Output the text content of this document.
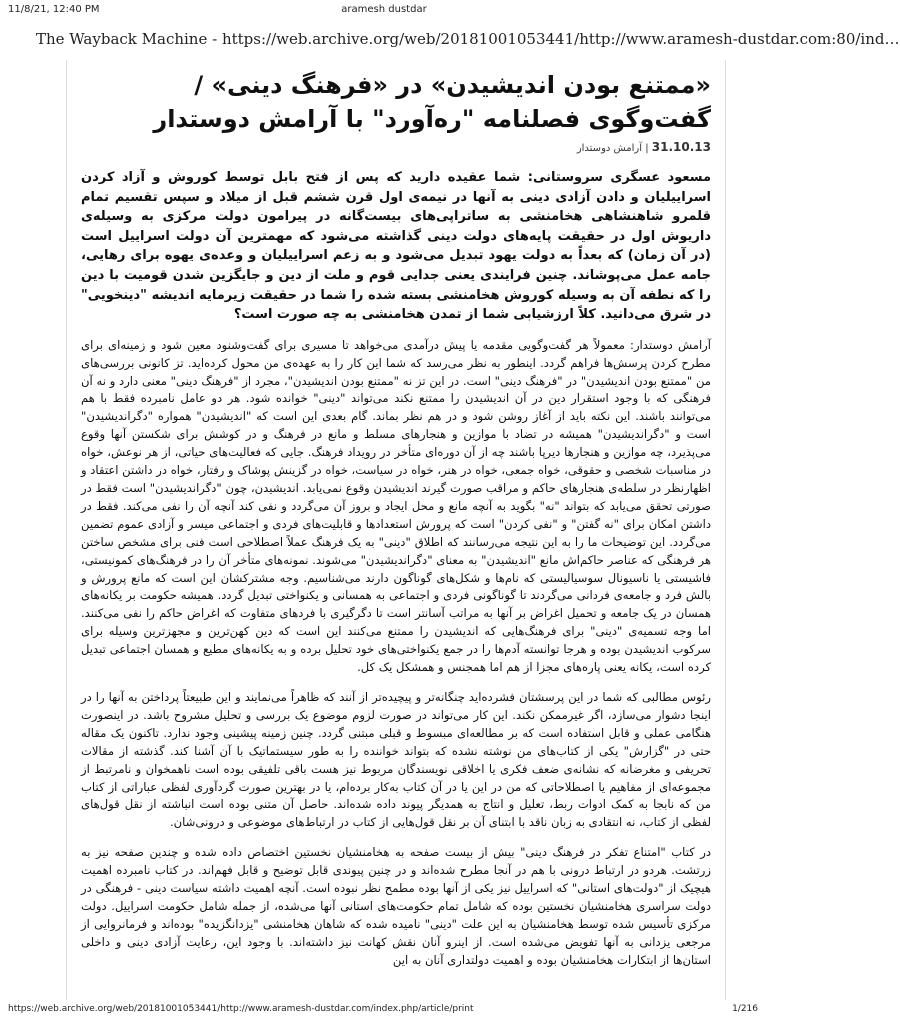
11/8/21, 12:40 PM	aramesh dustdar
The Wayback Machine - https://web.archive.org/web/20181001053441/http://www.aramesh-dustdar.com:80/ind…
«ممتنع بودن اندیشیدن» در «فرهنگ دینی» / گفت‌وگوی فصلنامه "ره‌آورد" با آرامش دوستدار
31.10.13 | آرامش دوستدار
مسعود عسگری سروستانی: شما عقیده دارید که پس از فتح بابل توسط کوروش و آزاد کردن اسراییلیان و دادن آزادی دینی به آنها در نیمه‌ی اول قرن ششم قبل از میلاد و سپس تقسیم تمام قلمرو شاهنشاهی هخامنشی به ساتراپی‌های بیست‌گانه در پیرامون دولت مرکزی به وسیله‌ی داریوش اول در حقیقت پایه‌های دولت دینی گذاشته می‌شود که مهمترین آن دولت اسراییل است (در آن زمان) که بعداً به دولت یهود تبدیل می‌شود و به زعم اسراییلیان و وعده‌ی یهوه برای رهایی، جامه عمل می‌پوشاند. چنین فرایندی یعنی جدایی قوم و ملت از دین و جایگزین شدن قومیت با دین را که نطفه‌ آن به وسیله کوروش هخامنشی بسته شده را شما در حقیقت زیرمایه اندیشه "دینخویی" در شرق می‌دانید. کلاً ارزشیابی شما از تمدن هخامنشی به چه صورت است؟

آرامش دوستدار: معمولاً هر گفت‌وگویی مقدمه یا پیش درآمدی می‌خواهد تا مسیری برای گفت‌وشنود معین شود و زمینه‌ای برای مطرح کردن پرسش‌ها فراهم گردد. اینطور به نظر می‌رسد که شما این کار را به عهده‌ی من محول کرده‌اید. تز کانونی بررسی‌های من "ممتنع بودن اندیشیدن" در "فرهنگ دینی" است. در این تز نه "ممتنع بودن اندیشیدن"، مجرد از "فرهنگ دینی" معنی دارد و نه آن فرهنگی که با وجود استقرار دین در آن اندیشیدن را ممتنع نکند می‌تواند "دینی" خوانده شود. هر دو عامل نامبرده فقط با هم می‌توانند باشند. این نکته باید از آغاز روشن شود و در هم نظر بماند. گام بعدی این است که "اندیشیدن" همواره "دگراندیشیدن" است و "دگراندیشیدن" همیشه در تضاد با موازین و هنجارهای مسلط و مانع در فرهنگ و در کوشش برای شکستن آنها وقوع می‌پذیرد، چه موازین و هنجارها دیرپا باشند چه از آن دوره‌ای متأخر در رویداد فرهنگ. جایی که فعالیت‌های حیاتی، از هر نوعش، خواه در مناسبات شخصی و حقوقی، خواه جمعی، خواه در هنر، خواه در سیاست، خواه در گزینش پوشاک و رفتار، خواه در داشتن اعتقاد و اظهارنظر در سلطه‌ی هنجارهای حاکم و مراقب صورت گیرند اندیشیدن وقوع نمی‌یابد. اندیشیدن، چون "دگراندیشیدن" است فقط در صورتی تحقق می‌یابد که بتواند "نه" بگوید به آنچه مانع و محل ایجاد و بروز آن می‌گردد و نفی کند آنچه آن را نفی می‌کند. فقط در داشتن امکان برای "نه گفتن" و "نفی کردن" است که پرورش استعدادها و قابلیت‌های فردی و اجتماعی میسر و آزادی عموم تضمین می‌گردد. این توضیحات ما را به این نتیجه می‌رسانند که اطلاق "دینی" به یک فرهنگ عملاً اصطلاحی است فنی برای مشخص ساختن هر فرهنگی که عناصر حاکم‌اش مانع "اندیشیدن" به معنای "دگراندیشیدن" می‌شوند. نمونه‌های متأخر آن را در فرهنگ‌های کمونیستی، فاشیستی یا ناسیونال سوسیالیستی که نام‌ها و شکل‌های گوناگون دارند می‌شناسیم. وجه مشترکشان این است که مانع پرورش و بالش فرد و جامعه‌ی فردانی می‌گردند تا گوناگونی فردی و اجتماعی به همسانی و یکنواختی تبدیل گردد. همیشه حکومت بر یکانه‌های همسان در یک جامعه و تحمیل اغراض بر آنها به مراتب آسانتر است تا دگرگیری با فردهای متفاوت که اغراض حاکم را نفی می‌کنند. اما وجه تسمیه‌ی "دینی" برای فرهنگ‌هایی که اندیشیدن را ممتنع می‌کنند این است که دین کهن‌ترین و مجهزترین وسیله برای سرکوب اندیشیدن بوده و هرجا توانسته آدم‌ها را در جمع یکنواختی‌های خود تحلیل برده و به یکانه‌های مطیع و همسان اجتماعی تبدیل کرده است، یکانه یعنی پاره‌های مجزا از هم اما همجنس و همشکل یک کل.

رئوس مطالبی که شما در این پرسشتان فشرده‌اید چنگانه‌تر و پیچیده‌تر از آنند که ظاهراً می‌نمایند و این طبیعتاً پرداختن به آنها را در اینجا دشوار می‌سازد، اگر غیرممکن نکند. این کار می‌تواند در صورت لزوم موضوع یک بررسی و تحلیل مشروح باشد. در اینصورت هنگامی عملی و قابل استفاده است که بر مطالعه‌ای مبسوط و قبلی مبتنی گردد. چنین زمینه پیشینی وجود ندارد. تاکنون یک مقاله حتی در "گزارش" یکی از کتاب‌های من نوشته نشده که بتواند خواننده را به طور سیستماتیک با آن آشنا کند. گذشته از مقالات تحریفی و مغرضانه که نشانه‌ی ضعف فکری یا اخلاقی نویسندگان مربوط نیز هست باقی تلفیقی بوده است ناهمخوان و نامرتبط از مجموعه‌ای از مفاهیم یا اصطلاحاتی که من در این یا در آن کتاب به‌کار برده‌ام، یا در بهترین صورت گردآوری لفظی عباراتی از کتاب من که نابجا به کمک ادوات ربط، تعلیل و انتاج به همدیگر پیوند داده شده‌اند. حاصل آن متنی بوده است انباشته از نقل قول‌های لفظی از کتاب، نه انتقادی به زبان ناقد با ابتنای آن بر نقل قول‌هایی از کتاب در ارتباط‌های موضوعی و درونی‌شان.

در کتاب "امتناع تفکر در فرهنگ دینی" بیش از بیست صفحه به هخامنشیان نخستین اختصاص داده شده و چندین صفحه نیز به زرتشت. هردو در ارتباط درونی با هم در آنجا مطرح شده‌اند و در چنین پیوندی قابل توضیح و قابل فهم‌اند. در کتاب نامبرده اهمیت هیچیک از "دولت‌های استانی" که اسراییل نیز یکی از آنها بوده مطمح نظر نبوده است. آنچه اهمیت داشته سیاست دینی - فرهنگی در دولت سراسری هخامنشیان نخستین بوده که شامل تمام حکومت‌های استانی آنها می‌شده، از جمله شامل حکومت اسراییل. دولت مرکزی تأسیس شده توسط هخامنشیان به این علت "دینی" نامیده شده که شاهان هخامنشی "یزدانگزیده" بوده‌اند و فرمانروایی از مرجعی یزدانی به آنها تفویض می‌شده است. از اینرو آنان نقش کهانت نیز داشته‌اند. با وجود این، رعایت آزادی دینی و داخلی استان‌ها از ابتکارات هخامنشیان بوده و اهمیت دولتداری آنان به این

https://web.archive.org/web/20181001053441/http://www.aramesh-dustdar.com/index.php/article/print	1/216
